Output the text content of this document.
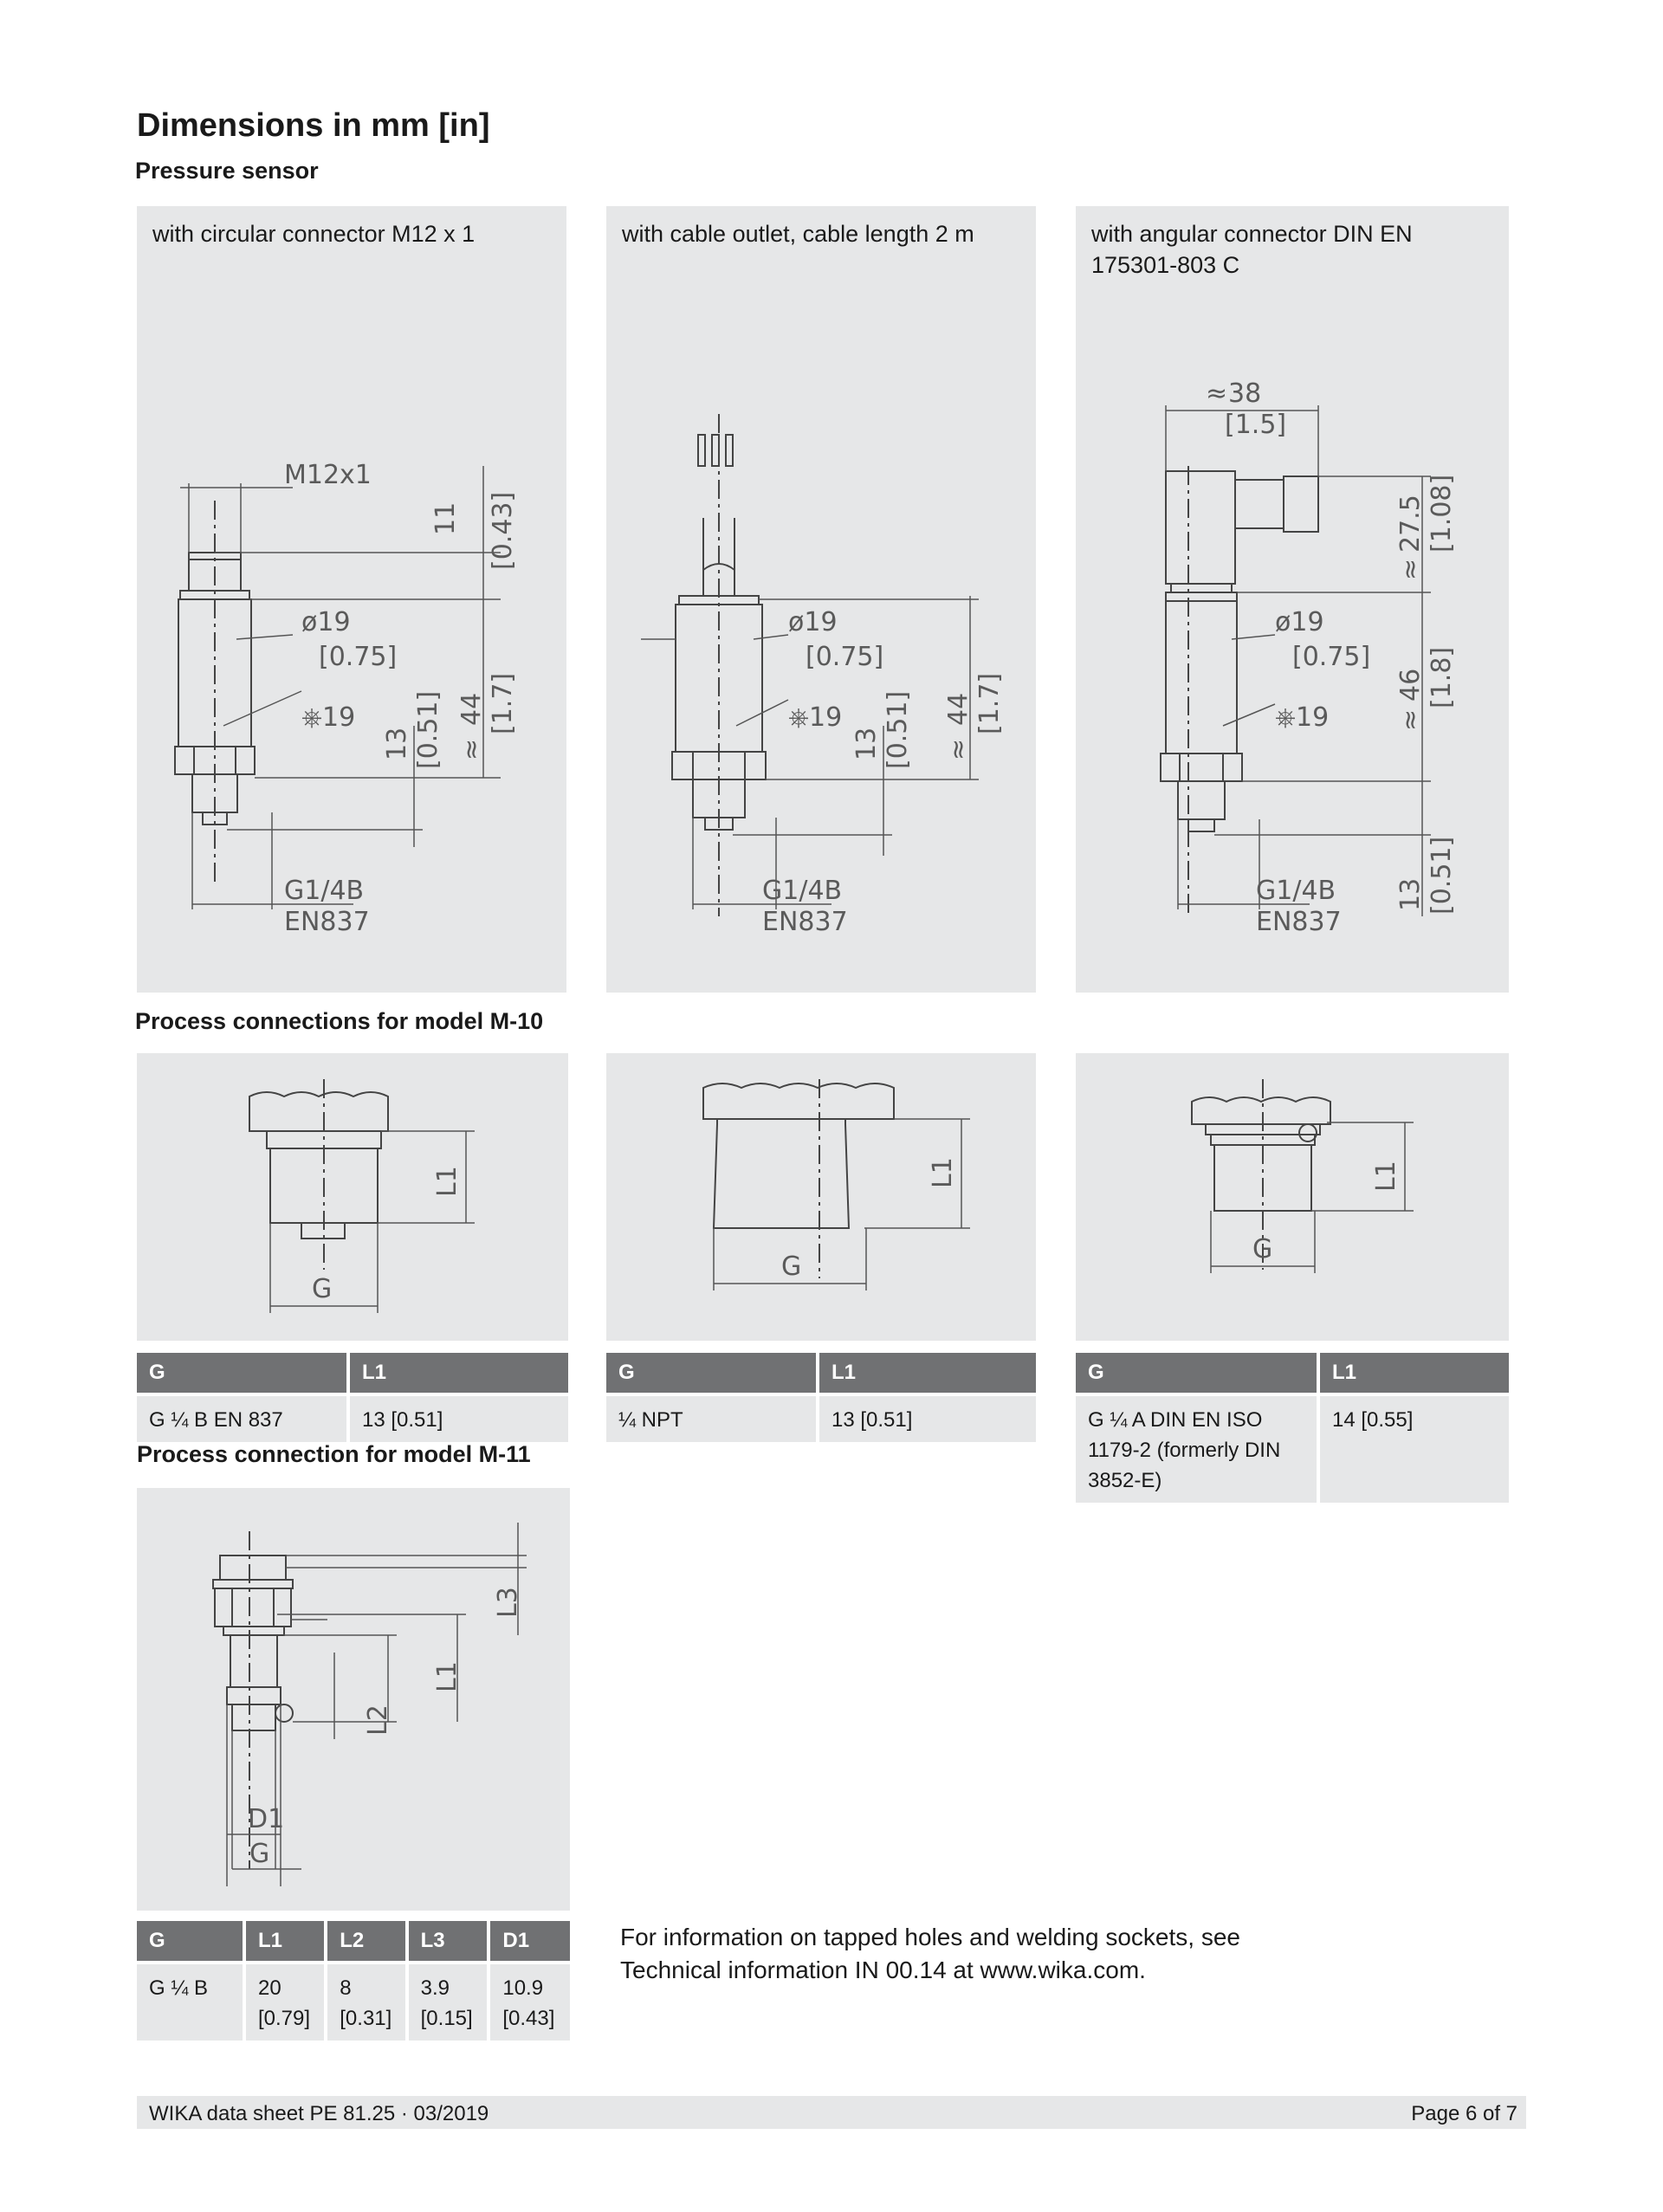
Dimensions in mm [in]

Pressure sensor

with circular connector M12 x 1
M12x1
ø19
[0.75]
⎈19
G1/4B
EN837
11 [0.43]
13 [0.51] ≈
44 [1.7]
with cable outlet, cable length 2 m
ø19
[0.75]
⎈19
G1/4B
EN837
13 [0.51] ≈
44 [1.7]
with angular connector DIN EN 175301-803 C
≈ 38
[1.5]
ø19
[0.75]
⎈19
G1/4B
EN837
≈
27.5 [1.08]
≈
46 [1.8]
13 [0.51]

Process connections for model M-10

L1
G
L1
G
L1
G
G	L1
G ¼ B EN 837	13 [0.51]
G	L1
¼ NPT	13 [0.51]
G	L1
G ¼ A DIN EN ISO 1179-2 (formerly DIN 3852-E)	14 [0.55]

Process connection for model M-11

L3
L1
L2
D1
G
G	L1	L2	L3	D1
G ¼ B	20 [0.79]	8 [0.31]	3.9 [0.15]	10.9 [0.43]
For information on tapped holes and welding sockets, see Technical information IN 00.14 at www.wika.com.
WIKA data sheet PE 81.25 · 03/2019	Page 6 of 7
